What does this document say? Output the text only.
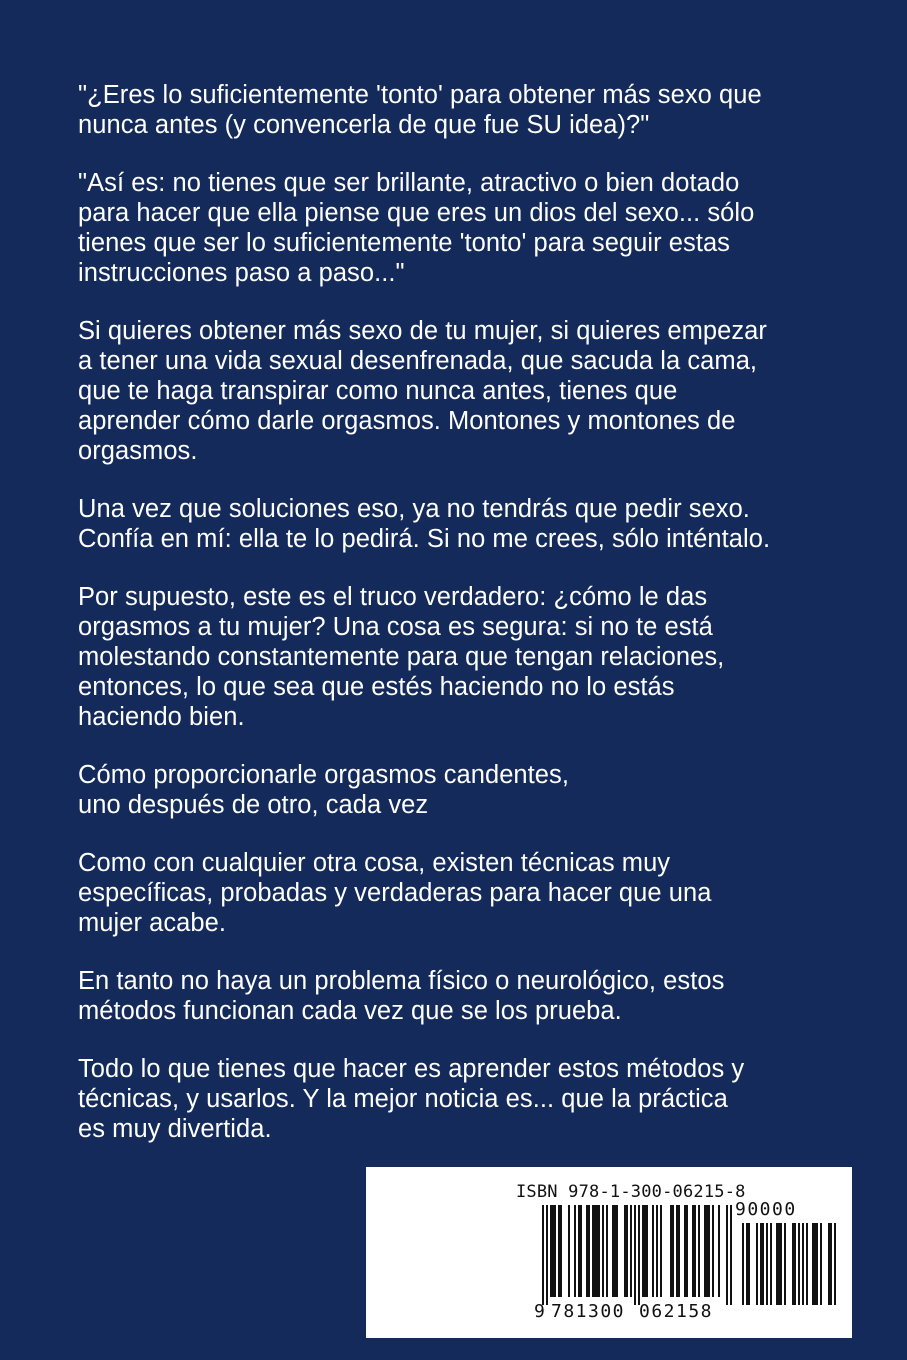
"¿Eres lo suficientemente 'tonto' para obtener más sexo que
nunca antes (y convencerla de que fue SU idea)?"

"Así es: no tienes que ser brillante, atractivo o bien dotado
para hacer que ella piense que eres un dios del sexo... sólo
tienes que ser lo suficientemente 'tonto' para seguir estas
instrucciones paso a paso..."

Si quieres obtener más sexo de tu mujer, si quieres empezar
a tener una vida sexual desenfrenada, que sacuda la cama,
que te haga transpirar como nunca antes, tienes que
aprender cómo darle orgasmos. Montones y montones de
orgasmos.

Una vez que soluciones eso, ya no tendrás que pedir sexo.
Confía en mí: ella te lo pedirá. Si no me crees, sólo inténtalo.

Por supuesto, este es el truco verdadero: ¿cómo le das
orgasmos a tu mujer? Una cosa es segura: si no te está
molestando constantemente para que tengan relaciones,
entonces, lo que sea que estés haciendo no lo estás
haciendo bien.

Cómo proporcionarle orgasmos candentes,
uno después de otro, cada vez

Como con cualquier otra cosa, existen técnicas muy
específicas, probadas y verdaderas para hacer que una
mujer acabe.

En tanto no haya un problema físico o neurológico, estos
métodos funcionan cada vez que se los prueba.

Todo lo que tienes que hacer es aprender estos métodos y
técnicas, y usarlos. Y la mejor noticia es... que la práctica
es muy divertida.

ISBN 978-1-300-06215-8
9 781300 062158
90000
